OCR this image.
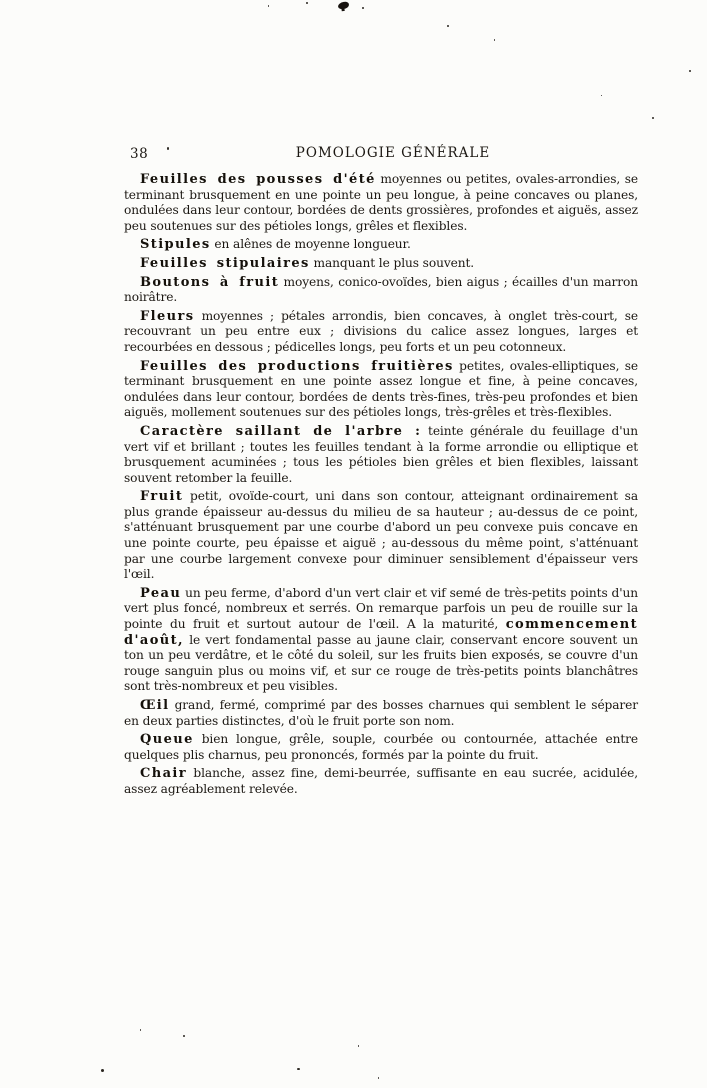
38	POMOLOGIE GÉNÉRALE

Feuilles des pousses d'été moyennes ou petites, ovales-arrondies, se terminant brusquement en une pointe un peu longue, à peine concaves ou planes, ondulées dans leur contour, bordées de dents grossières, profondes et aiguës, assez peu soutenues sur des pétioles longs, grêles et flexibles.

Stipules en alênes de moyenne longueur.

Feuilles stipulaires manquant le plus souvent.

Boutons à fruit moyens, conico-ovoïdes, bien aigus ; écailles d'un marron noirâtre.

Fleurs moyennes ; pétales arrondis, bien concaves, à onglet très-court, se recouvrant un peu entre eux ; divisions du calice assez longues, larges et recourbées en dessous ; pédicelles longs, peu forts et un peu cotonneux.

Feuilles des productions fruitières petites, ovales-elliptiques, se terminant brusquement en une pointe assez longue et fine, à peine concaves, ondulées dans leur contour, bordées de dents très-fines, très-peu profondes et bien aiguës, mollement soutenues sur des pétioles longs, très-grêles et très-flexibles.

Caractère saillant de l'arbre : teinte générale du feuillage d'un vert vif et brillant ; toutes les feuilles tendant à la forme arrondie ou elliptique et brusquement acuminées ; tous les pétioles bien grêles et bien flexibles, laissant souvent retomber la feuille.

Fruit petit, ovoïde-court, uni dans son contour, atteignant ordinairement sa plus grande épaisseur au-dessus du milieu de sa hauteur ; au-dessus de ce point, s'atténuant brusquement par une courbe d'abord un peu convexe puis concave en une pointe courte, peu épaisse et aiguë ; au-dessous du même point, s'atténuant par une courbe largement convexe pour diminuer sensiblement d'épaisseur vers l'œil.

Peau un peu ferme, d'abord d'un vert clair et vif semé de très-petits points d'un vert plus foncé, nombreux et serrés. On remarque parfois un peu de rouille sur la pointe du fruit et surtout autour de l'œil. A la maturité, commencement d'août, le vert fondamental passe au jaune clair, conservant encore souvent un ton un peu verdâtre, et le côté du soleil, sur les fruits bien exposés, se couvre d'un rouge sanguin plus ou moins vif, et sur ce rouge de très-petits points blanchâtres sont très-nombreux et peu visibles.

Œil grand, fermé, comprimé par des bosses charnues qui semblent le séparer en deux parties distinctes, d'où le fruit porte son nom.

Queue bien longue, grêle, souple, courbée ou contournée, attachée entre quelques plis charnus, peu prononcés, formés par la pointe du fruit.

Chair blanche, assez fine, demi-beurrée, suffisante en eau sucrée, acidulée, assez agréablement relevée.
